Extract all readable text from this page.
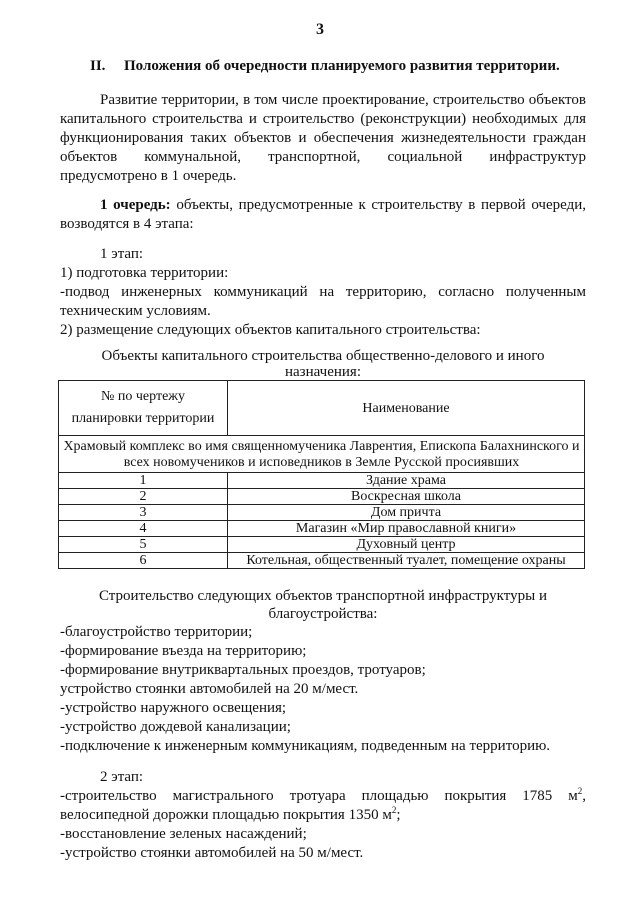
3
II. Положения об очередности планируемого развития территории.
Развитие территории, в том числе проектирование, строительство объектов
капитального строительства и строительство (реконструкции) необходимых для
функционирования таких объектов и обеспечения жизнедеятельности граждан
объектов коммунальной, транспортной, социальной инфраструктур
предусмотрено в 1 очередь.
1 очередь: объекты, предусмотренные к строительству в первой очереди,
возводятся в 4 этапа:
1 этап:
1) подготовка территории:
-подвод инженерных коммуникаций на территорию, согласно полученным
техническим условиям.
2) размещение следующих объектов капитального строительства:
Объекты капитального строительства общественно-делового и иного
назначения:
№ по чертежу
планировки территории	Наименование
Храмовый комплекс во имя священномученика Лаврентия, Епископа Балахнинского и
всех новомучеников и исповедников в Земле Русской просиявших	
1	Здание храма
2	Воскресная школа
3	Дом причта
4	Магазин «Мир православной книги»
5	Духовный центр
6	Котельная, общественный туалет, помещение охраны
Строительство следующих объектов транспортной инфраструктуры и
благоустройства:
-благоустройство территории;
-формирование въезда на территорию;
-формирование внутриквартальных проездов, тротуаров;
устройство стоянки автомобилей на 20 м/мест.
-устройство наружного освещения;
-устройство дождевой канализации;
-подключение к инженерным коммуникациям, подведенным на территорию.
2 этап:
-строительство магистрального тротуара площадью покрытия 1785 $м^2$,
велосипедной дорожки площадью покрытия 1350 $м^2$;
-восстановление зеленых насаждений;
-устройство стоянки автомобилей на 50 м/мест.
